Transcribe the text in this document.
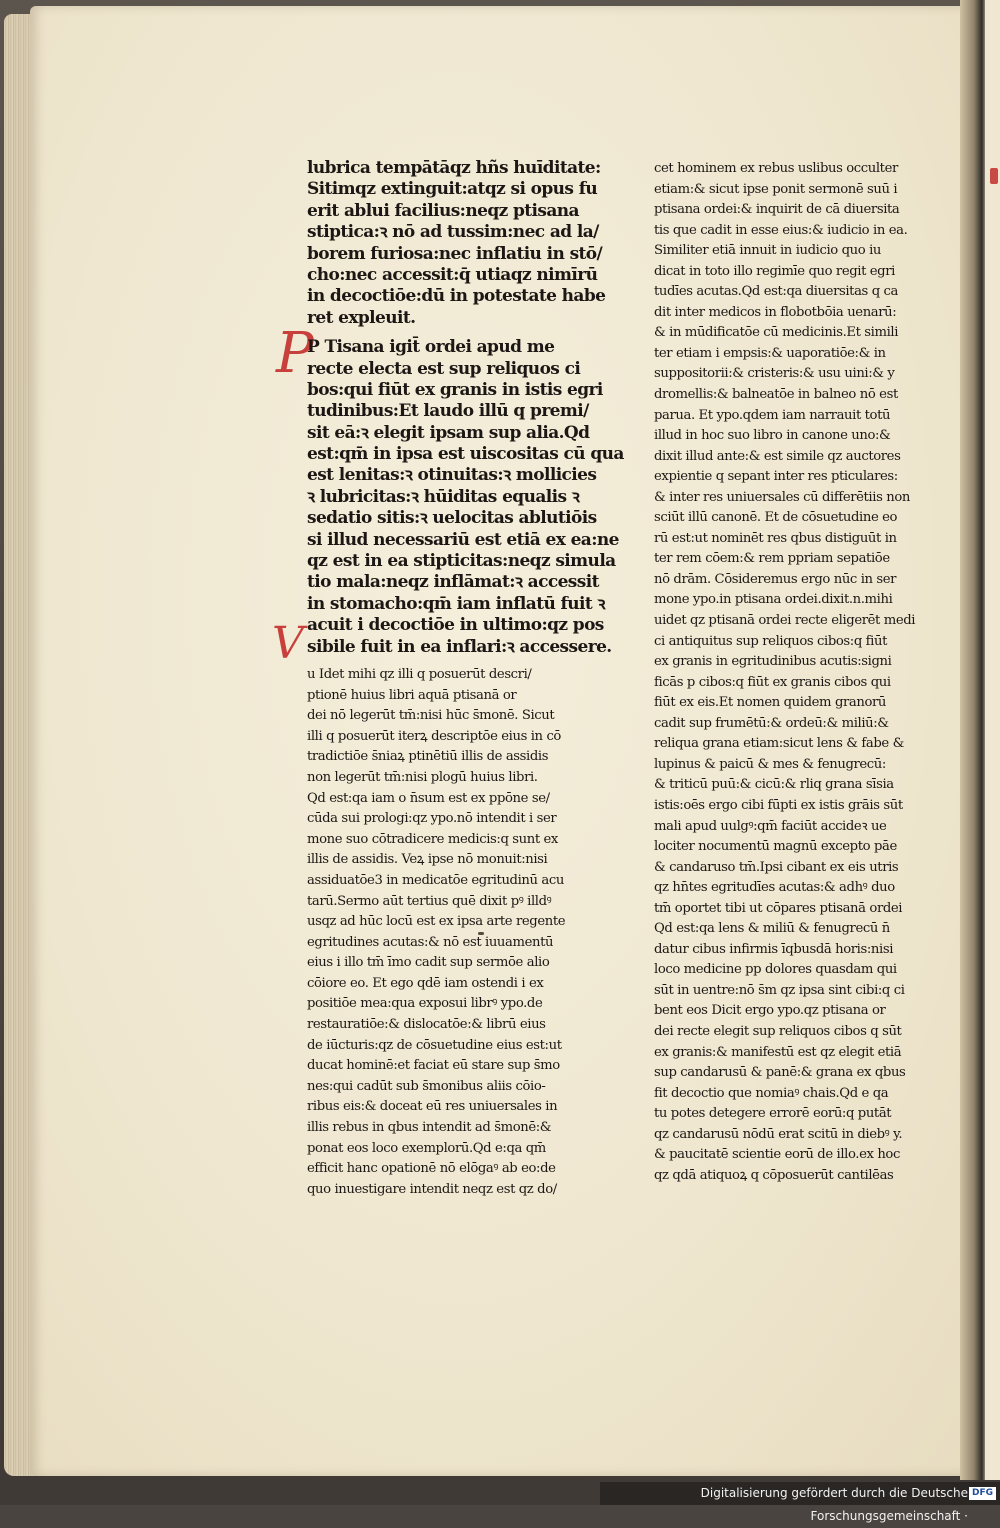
P
V
lubrica tempātāqz hñs huīditate:
Sitimqz extinguit:atqz si opus fu
erit ablui facilius:neqz ptisana
stiptica:ꝛ nō ad tussim:nec ad la/
borem furiosa:nec inflatiu in stō/
cho:nec accessit:q̄ utiaqz nimīrū
in decoctiōe:dū in potestate habe
ret expleuit.
P Tisana igit̄ ordei apud me
recte electa est sup reliquos ci
bos:qui fiūt ex granis in istis egri
tudinibus:Et laudo illū q premi/
sit eā:ꝛ elegit ipsam sup alia.Qd
est:qm̄ in ipsa est uiscositas cū qua
est lenitas:ꝛ otinuitas:ꝛ mollicies
ꝛ lubricitas:ꝛ hūiditas equalis ꝛ
sedatio sitis:ꝛ uelocitas ablutiōis
si illud necessariū est etiā ex ea:ne
qz est in ea stipticitas:neqz simula
tio mala:neqz inflāmat:ꝛ accessit
in stomacho:qm̄ iam inflatū fuit ꝛ
acuit i decoctiōe in ultimo:qz pos
sibile fuit in ea inflari:ꝛ accessere.
u Idet mihi qz illi q posuerūt descri/
ptionē huius libri aquā ptisanā or
dei nō legerūt tm̄:nisi hūc s̄monē. Sicut
illi q posuerūt iterꝝ descriptōe eius in cō
tradictiōe s̄niaꝝ ptinētiū illis de assidis
non legerūt tm̄:nisi plogū huius libri.
Qd est:qa iam o n̄sum est ex ppōne se/
cūda sui prologi:qz ypo.nō intendit i ser
mone suo cōtradicere medicis:q sunt ex
illis de assidis. Veꝝ ipse nō monuit:nisi
assiduatōe3 in medicatōe egritudinū acu
tarū.Sermo aūt tertius quē dixit pꝰ illdꝰ
usqz ad hūc locū est ex ipsa arte regente
egritudines acutas:& nō est iuuamentū
eius i illo tm̄ īmo cadit sup sermōe alio
cōiore eo. Et ego qdē iam ostendi i ex
positiōe mea:qua exposui librꝰ ypo.de
restauratiōe:& dislocatōe:& librū eius
de iūcturis:qz de cōsuetudine eius est:ut
ducat hominē:et faciat eū stare sup s̄mo
nes:qui cadūt sub s̄monibus aliis cōio-
ribus eis:& doceat eū res uniuersales in
illis rebus in qbus intendit ad s̄monē:&
ponat eos loco exemplorū.Qd e:qa qm̄
efficit hanc opationē nō elōgaꝰ ab eo:de
quo inuestigare intendit neqz est qz do/
cet hominem ex rebus uslibus occulter
etiam:& sicut ipse ponit sermonē suū i
ptisana ordei:& inquirit de cā diuersita
tis que cadit in esse eius:& iudicio in ea.
Similiter etiā innuit in iudicio quo iu
dicat in toto illo regimīe quo regit egri
tudīes acutas.Qd est:qa diuersitas q ca
dit inter medicos in flobotbōia uenarū:
& in mūdificatōe cū medicinis.Et simili
ter etiam i empsis:& uaporatiōe:& in
suppositorii:& cristeris:& usu uini:& y
dromellis:& balneatōe in balneo nō est
parua. Et ypo.qdem iam narrauit totū
illud in hoc suo libro in canone uno:&
dixit illud ante:& est simile qz auctores
expientie q sepant inter res pticulares:
& inter res uniuersales cū differētiis non
sciūt illū canonē. Et de cōsuetudine eo
rū est:ut nominēt res qbus distiguūt in
ter rem cōem:& rem ppriam sepatiōe
nō drām. Cōsideremus ergo nūc in ser
mone ypo.in ptisana ordei.dixit.n.mihi
uidet qz ptisanā ordei recte eligerēt medi
ci antiquitus sup reliquos cibos:q fiūt
ex granis in egritudinibus acutis:signi
ficās p cibos:q fiūt ex granis cibos qui
fiūt ex eis.Et nomen quidem granorū
cadit sup frumētū:& ordeū:& miliū:&
reliqua grana etiam:sicut lens & fabe &
lupinus & paicū & mes & fenugrecū:
& triticū puū:& cicū:& rliq grana sīsia
istis:oēs ergo cibi fūpti ex istis grāis sūt
mali apud uulgꝰ:qm̄ faciūt accideꝛ ue
lociter nocumentū magnū excepto pāe
& candaruso tm̄.Ipsi cibant ex eis utris
qz hn̄tes egritudīes acutas:& adhꝰ duo
tm̄ oportet tibi ut cōpares ptisanā ordei
Qd est:qa lens & miliū & fenugrecū n̄
datur cibus infirmis īqbusdā horis:nisi
loco medicine pp dolores quasdam qui
sūt in uentre:nō s̄m qz ipsa sint cibi:q ci
bent eos Dicit ergo ypo.qz ptisana or
dei recte elegit sup reliquos cibos q sūt
ex granis:& manifestū est qz elegit etiā
sup candarusū & panē:& grana ex qbus
fit decoctio que nomiaꝰ chais.Qd e qa
tu potes detegere errorē eorū:q putāt
qz candarusū nōdū erat scitū in diebꝰ y.
& paucitatē scientie eorū de illo.ex hoc
qz qdā atiquoꝝ q cōposuerūt cantilēas
Digitalisierung gefördert durch die Deutsche Forschungsgemeinschaft ·
DFG
